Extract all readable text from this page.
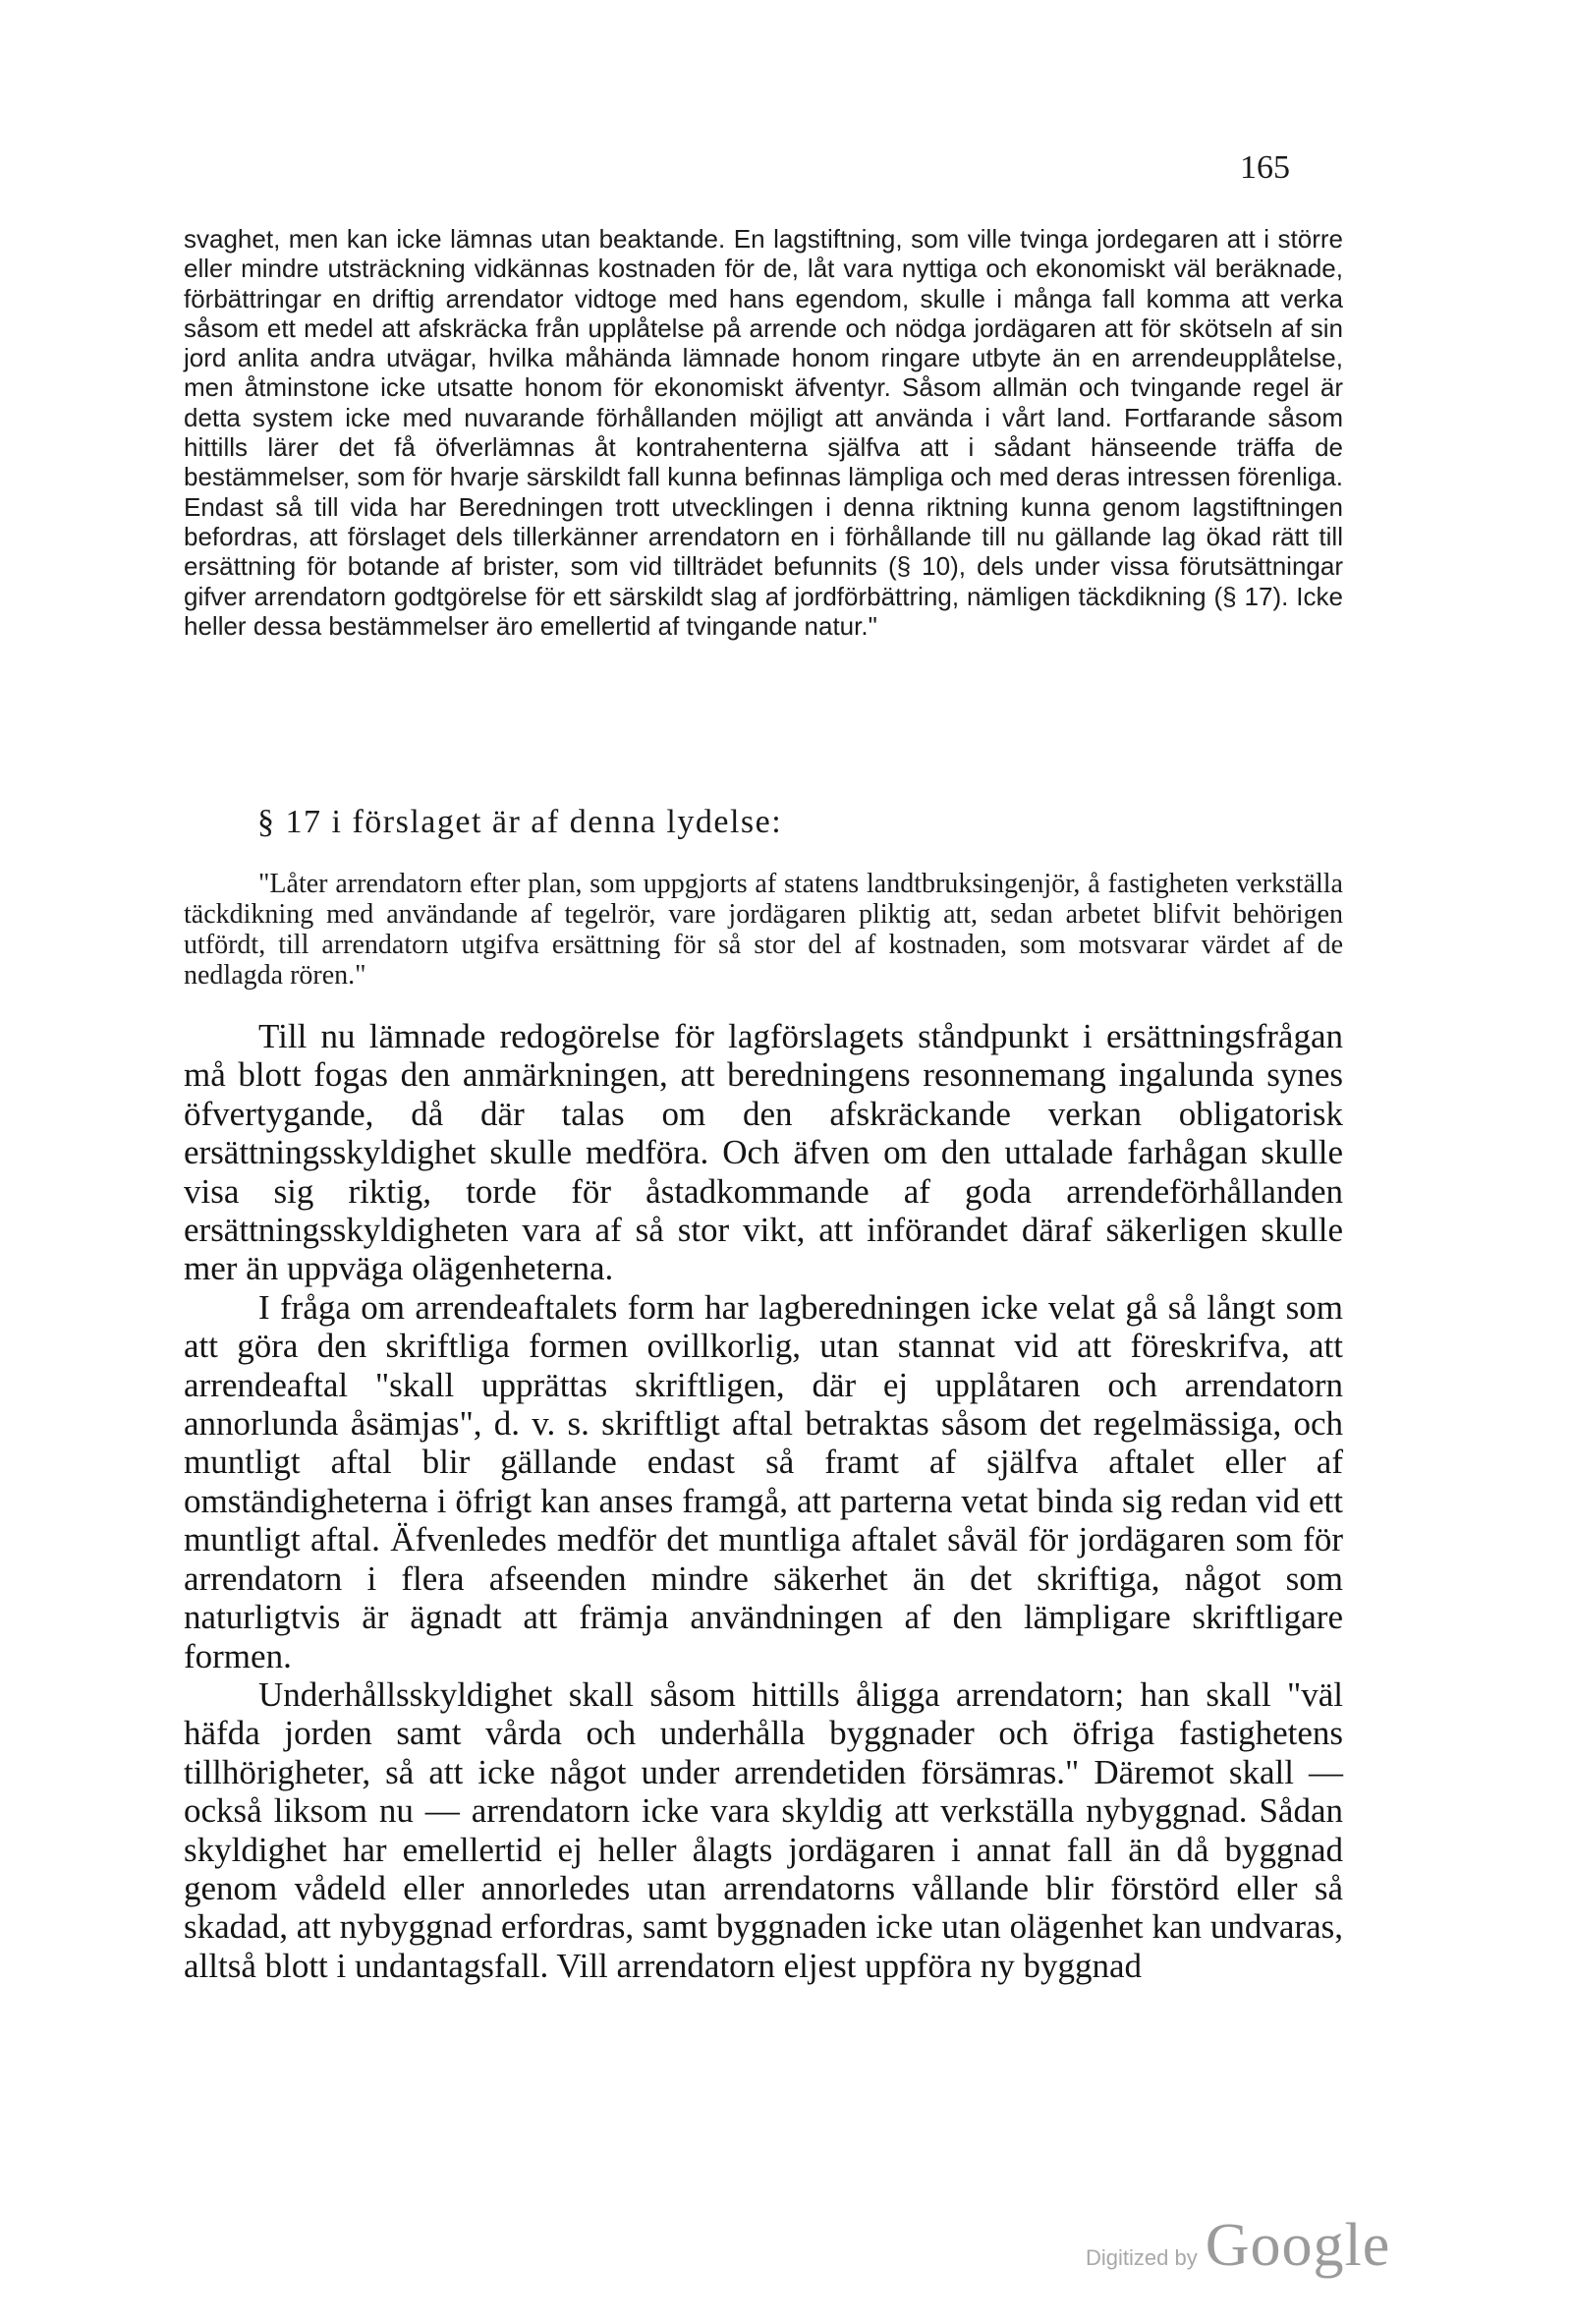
165

svaghet, men kan icke lämnas utan beaktande. En lagstiftning, som ville tvinga jordegaren att i större eller mindre utsträckning vidkännas kostnaden för de, låt vara nyttiga och ekonomiskt väl beräknade, förbättringar en driftig arrendator vidtoge med hans egendom, skulle i många fall komma att verka såsom ett medel att afskräcka från upplåtelse på arrende och nödga jordägaren att för skötseln af sin jord anlita andra utvägar, hvilka måhända lämnade honom ringare utbyte än en arrendeupplåtelse, men åtminstone icke utsatte honom för ekonomiskt äfventyr. Såsom allmän och tvingande regel är detta system icke med nuvarande förhållanden möjligt att använda i vårt land. Fortfarande såsom hittills lärer det få öfverlämnas åt kontrahenterna själfva att i sådant hänseende träffa de bestämmelser, som för hvarje särskildt fall kunna befinnas lämpliga och med deras intressen förenliga. Endast så till vida har Beredningen trott utvecklingen i denna riktning kunna genom lagstiftningen befordras, att förslaget dels tillerkänner arrendatorn en i förhållande till nu gällande lag ökad rätt till ersättning för botande af brister, som vid tillträdet befunnits (§ 10), dels under vissa förutsättningar gifver arrendatorn godtgörelse för ett särskildt slag af jordförbättring, nämligen täckdikning (§ 17). Icke heller dessa bestämmelser äro emellertid af tvingande natur."

§ 17 i förslaget är af denna lydelse:

"Låter arrendatorn efter plan, som uppgjorts af statens landtbruksingenjör, å fastigheten verkställa täckdikning med användande af tegelrör, vare jordägaren pliktig att, sedan arbetet blifvit behörigen utfördt, till arrendatorn utgifva ersättning för så stor del af kostnaden, som motsvarar värdet af de nedlagda rören."

Till nu lämnade redogörelse för lagförslagets ståndpunkt i ersättningsfrågan må blott fogas den anmärkningen, att beredningens resonnemang ingalunda synes öfvertygande, då där talas om den afskräckande verkan obligatorisk ersättningsskyldighet skulle medföra. Och äfven om den uttalade farhågan skulle visa sig riktig, torde för åstadkommande af goda arrendeförhållanden ersättningsskyldigheten vara af så stor vikt, att införandet däraf säkerligen skulle mer än uppväga olägenheterna.

I fråga om arrendeaftalets form har lagberedningen icke velat gå så långt som att göra den skriftliga formen ovillkorlig, utan stannat vid att föreskrifva, att arrendeaftal "skall upprättas skriftligen, där ej upplåtaren och arrendatorn annorlunda åsämjas", d. v. s. skriftligt aftal betraktas såsom det regelmässiga, och muntligt aftal blir gällande endast så framt af själfva aftalet eller af omständigheterna i öfrigt kan anses framgå, att parterna vetat binda sig redan vid ett muntligt aftal. Äfvenledes medför det muntliga aftalet såväl för jordägaren som för arrendatorn i flera afseenden mindre säkerhet än det skriftiga, något som naturligtvis är ägnadt att främja användningen af den lämpligare skriftligare formen.

Underhållsskyldighet skall såsom hittills åligga arrendatorn; han skall "väl häfda jorden samt vårda och underhålla byggnader och öfriga fastighetens tillhörigheter, så att icke något under arrendetiden försämras." Däremot skall — också liksom nu — arrendatorn icke vara skyldig att verkställa nybyggnad. Sådan skyldighet har emellertid ej heller ålagts jordägaren i annat fall än då byggnad genom vådeld eller annorledes utan arrendatorns vållande blir förstörd eller så skadad, att nybyggnad erfordras, samt byggnaden icke utan olägenhet kan undvaras, alltså blott i undantagsfall. Vill arrendatorn eljest uppföra ny byggnad

Digitized by Google
